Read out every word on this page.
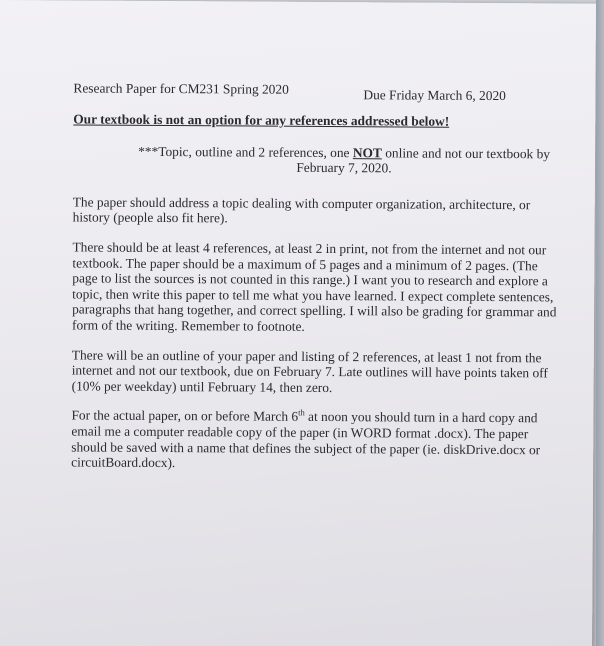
Research Paper for CM231 Spring 2020	Due Friday March 6, 2020
Our textbook is not an option for any references addressed below!
***Topic, outline and 2 references, one NOT online and not our textbook by February 7, 2020.

The paper should address a topic dealing with computer organization, architecture, or history (people also fit here).

There should be at least 4 references, at least 2 in print, not from the internet and not our textbook. The paper should be a maximum of 5 pages and a minimum of 2 pages. (The page to list the sources is not counted in this range.) I want you to research and explore a topic, then write this paper to tell me what you have learned. I expect complete sentences, paragraphs that hang together, and correct spelling. I will also be grading for grammar and form of the writing. Remember to footnote.

There will be an outline of your paper and listing of 2 references, at least 1 not from the internet and not our textbook, due on February 7. Late outlines will have points taken off (10% per weekday) until February 14, then zero.

For the actual paper, on or before March 6th at noon you should turn in a hard copy and email me a computer readable copy of the paper (in WORD format .docx). The paper should be saved with a name that defines the subject of the paper (ie. diskDrive.docx or circuitBoard.docx).
